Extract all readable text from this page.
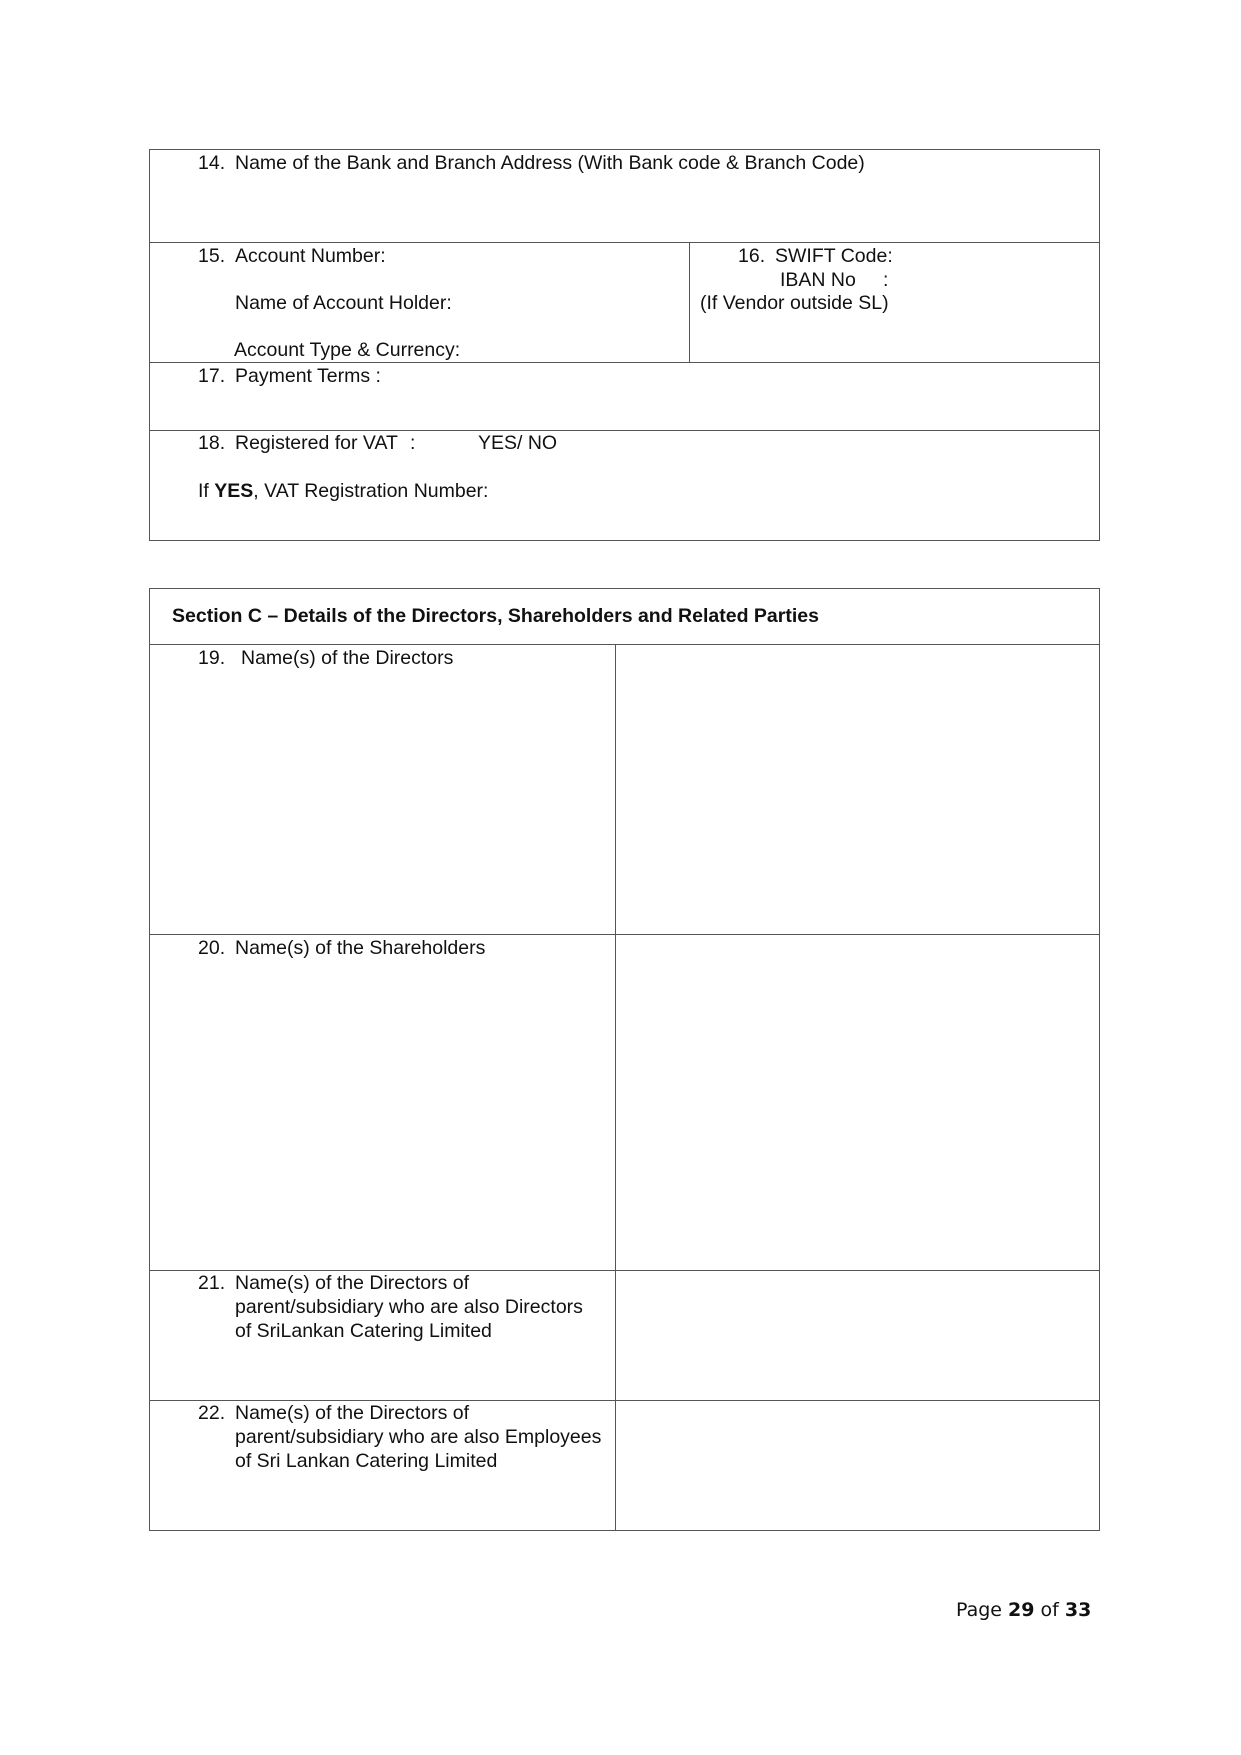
14. Name of the Bank and Branch Address (With Bank code & Branch Code)
15. Account Number:
Name of Account Holder:
Account Type & Currency:
16. SWIFT Code:
IBAN No :
(If Vendor outside SL)
17. Payment Terms :
18. Registered for VAT :	YES/ NO
If YES, VAT Registration Number:
Section C – Details of the Directors, Shareholders and Related Parties
19. Name(s) of the Directors
20. Name(s) of the Shareholders
21. Name(s) of the Directors of
parent/subsidiary who are also Directors
of SriLankan Catering Limited
22. Name(s) of the Directors of
parent/subsidiary who are also Employees
of Sri Lankan Catering Limited
Page 29 of 33
